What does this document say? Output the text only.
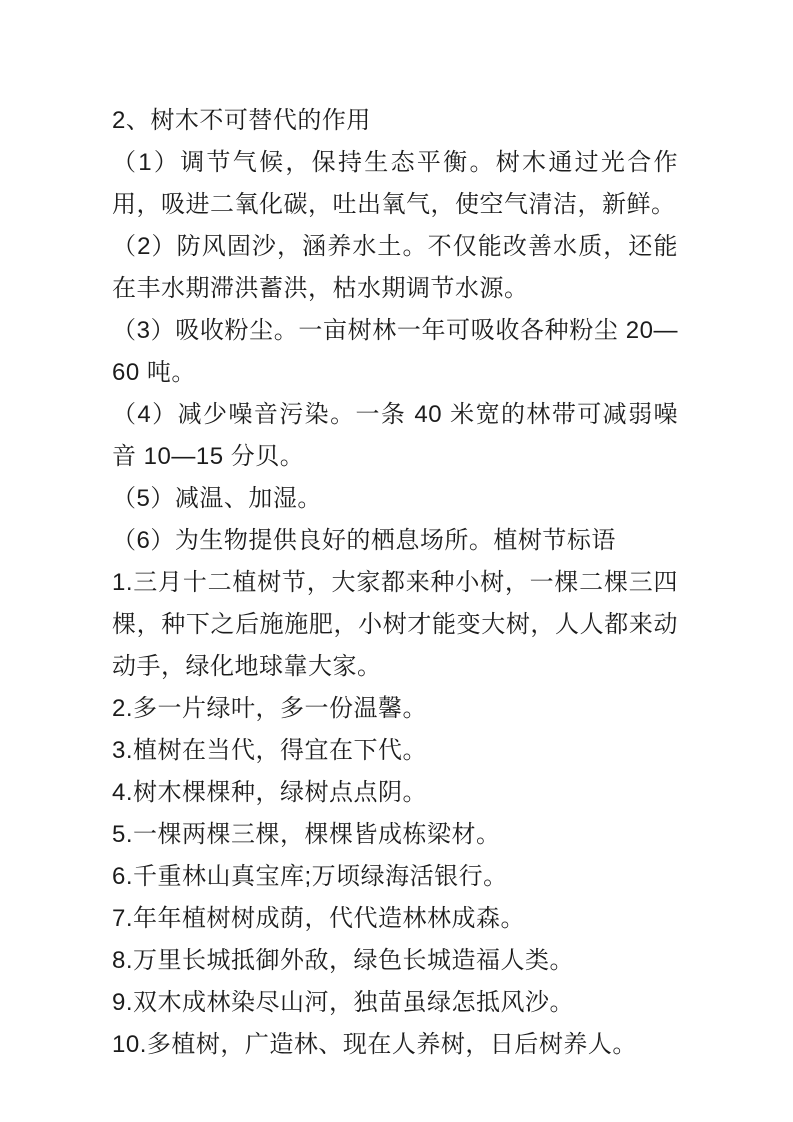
2、树木不可替代的作用

（1）调节气候，保持生态平衡。树木通过光合作用，吸进二氧化碳，吐出氧气，使空气清洁，新鲜。

（2）防风固沙，涵养水土。不仅能改善水质，还能在丰水期滞洪蓄洪，枯水期调节水源。

（3）吸收粉尘。一亩树林一年可吸收各种粉尘 20—60 吨。

（4）减少噪音污染。一条 40 米宽的林带可减弱噪音 10—15 分贝。

（5）减温、加湿。

（6）为生物提供良好的栖息场所。植树节标语

1.三月十二植树节，大家都来种小树，一棵二棵三四棵，种下之后施施肥，小树才能变大树，人人都来动动手，绿化地球靠大家。

2.多一片绿叶，多一份温馨。

3.植树在当代，得宜在下代。

4.树木棵棵种，绿树点点阴。

5.一棵两棵三棵，棵棵皆成栋梁材。

6.千重林山真宝库;万顷绿海活银行。

7.年年植树树成荫，代代造林林成森。

8.万里长城抵御外敌，绿色长城造福人类。

9.双木成林染尽山河，独苗虽绿怎抵风沙。

10.多植树，广造林、现在人养树，日后树养人。
